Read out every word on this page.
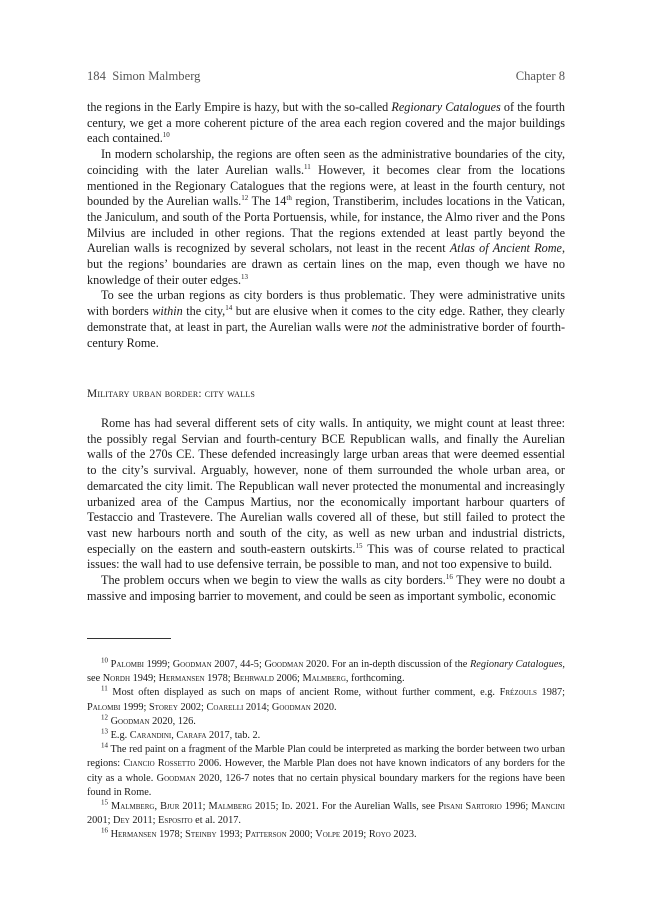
184 Simon Malmberg	Chapter 8

the regions in the Early Empire is hazy, but with the so-called Regionary Catalogues of the fourth century, we get a more coherent picture of the area each region covered and the major buildings each contained.$^{10}$

In modern scholarship, the regions are often seen as the administrative boundaries of the city, coinciding with the later Aurelian walls.$^{11}$ However, it becomes clear from the locations mentioned in the Regionary Catalogues that the regions were, at least in the fourth century, not bounded by the Aurelian walls.$^{12}$ The 14th region, Transtiberim, includes locations in the Vatican, the Janiculum, and south of the Porta Portuensis, while, for instance, the Almo river and the Pons Milvius are included in other regions. That the regions extended at least partly beyond the Aurelian walls is recognized by several scholars, not least in the recent Atlas of Ancient Rome, but the regions’ boundaries are drawn as certain lines on the map, even though we have no knowledge of their outer edges.$^{13}$

To see the urban regions as city borders is thus problematic. They were administrative units with borders within the city,$^{14}$ but are elusive when it comes to the city edge. Rather, they clearly demonstrate that, at least in part, the Aurelian walls were not the administrative border of fourth-century Rome.

Military urban border: city walls

Rome has had several different sets of city walls. In antiquity, we might count at least three: the possibly regal Servian and fourth-century BCE Republican walls, and finally the Aurelian walls of the 270s CE. These defended increasingly large urban areas that were deemed essential to the city’s survival. Arguably, however, none of them surrounded the whole urban area, or demarcated the city limit. The Republican wall never protected the monumental and increasingly urbanized area of the Campus Martius, nor the economically important harbour quarters of Testaccio and Trastevere. The Aurelian walls covered all of these, but still failed to protect the vast new harbours north and south of the city, as well as new urban and industrial districts, especially on the eastern and south-eastern outskirts.$^{15}$ This was of course related to practical issues: the wall had to use defensive terrain, be possible to man, and not too expensive to build.

The problem occurs when we begin to view the walls as city borders.$^{16}$ They were no doubt a massive and imposing barrier to movement, and could be seen as important symbolic, economic

$^{10}$ Palombi 1999; Goodman 2007, 44-5; Goodman 2020. For an in-depth discussion of the Regionary Catalogues, see Nordh 1949; Hermansen 1978; Behrwald 2006; Malmberg, forthcoming.

$^{11}$ Most often displayed as such on maps of ancient Rome, without further comment, e.g. Frézouls 1987; Palombi 1999; Storey 2002; Coarelli 2014; Goodman 2020.

$^{12}$ Goodman 2020, 126.

$^{13}$ E.g. Carandini, Carafa 2017, tab. 2.

$^{14}$ The red paint on a fragment of the Marble Plan could be interpreted as marking the border between two urban regions: Ciancio Rossetto 2006. However, the Marble Plan does not have known indicators of any borders for the city as a whole. Goodman 2020, 126-7 notes that no certain physical boundary markers for the regions have been found in Rome.

$^{15}$ Malmberg, Bjur 2011; Malmberg 2015; Id. 2021. For the Aurelian Walls, see Pisani Sartorio 1996; Mancini 2001; Dey 2011; Esposito et al. 2017.

$^{16}$ Hermansen 1978; Steinby 1993; Patterson 2000; Volpe 2019; Royo 2023.
